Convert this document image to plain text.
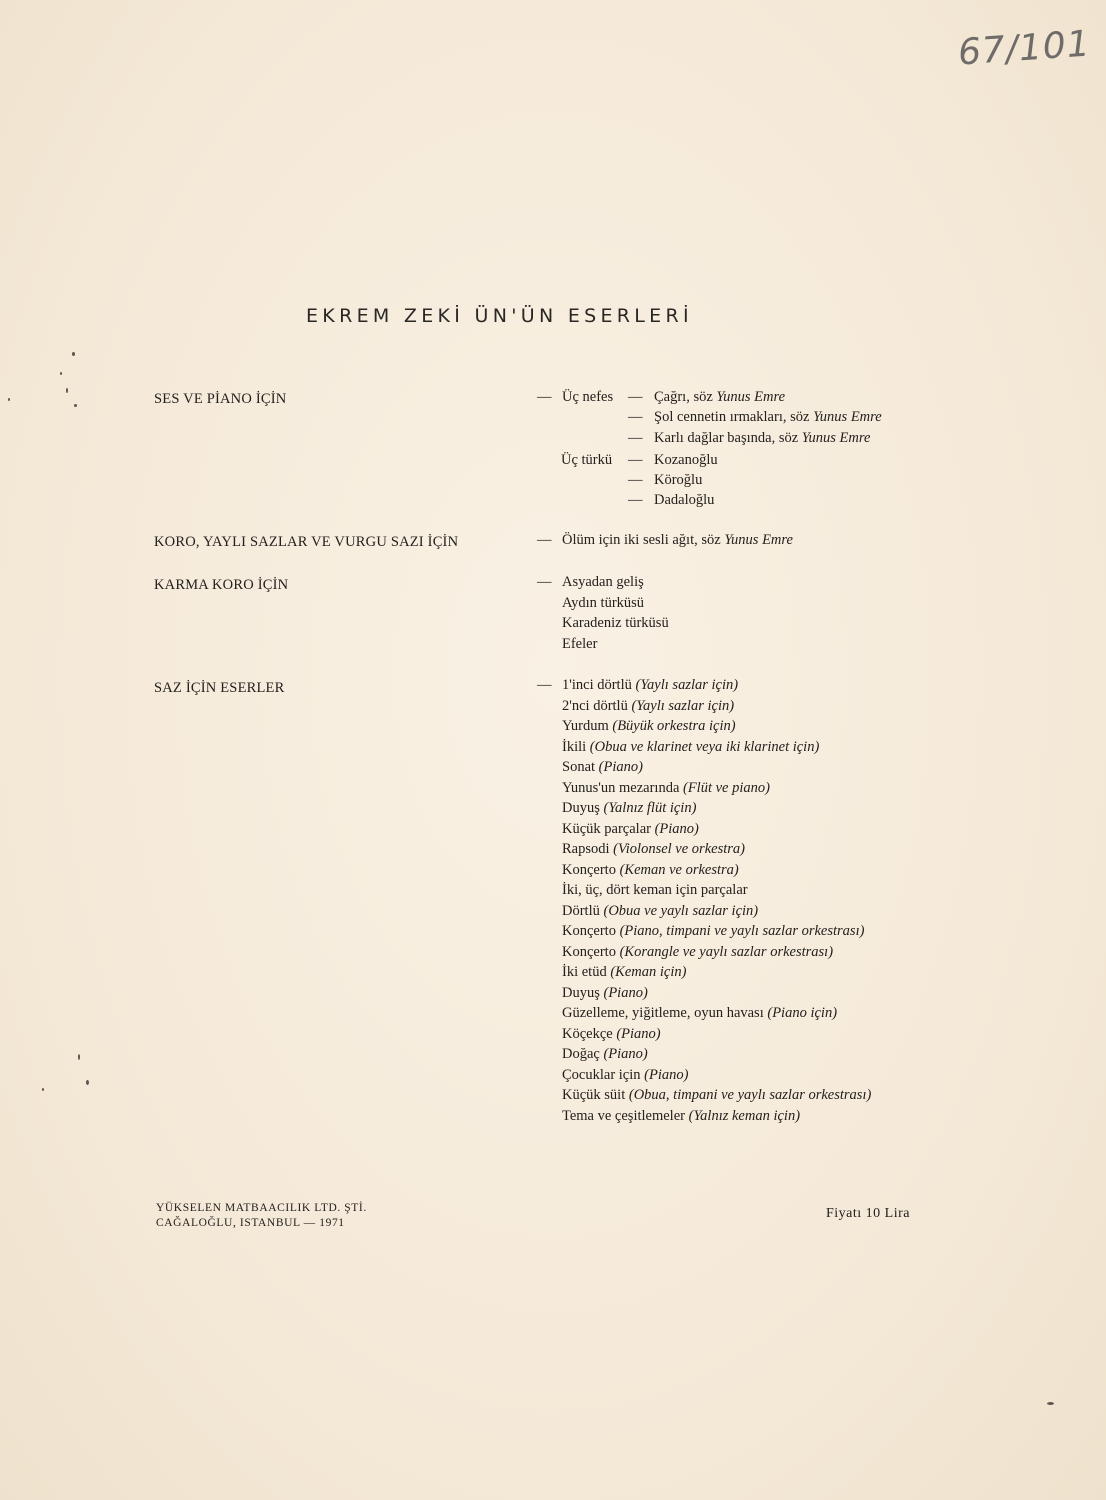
67/101
EKREM ZEKİ ÜN'ÜN ESERLERİ
SES VE PİANO İÇİN	— Üç nefes — Çağrı, söz Yunus Emre
— Şol cennetin ırmakları, söz Yunus Emre
— Karlı dağlar başında, söz Yunus Emre
Üç türkü — Kozanoğlu
— Köroğlu
— Dadaloğlu
KORO, YAYLI SAZLAR VE VURGU SAZI İÇİN	— Ölüm için iki sesli ağıt, söz Yunus Emre
KARMA KORO İÇİN	— Asyadan geliş
Aydın türküsü
Karadeniz türküsü
Efeler
SAZ İÇİN ESERLER	— 1'inci dörtlü (Yaylı sazlar için)
2'nci dörtlü (Yaylı sazlar için)
Yurdum (Büyük orkestra için)
İkili (Obua ve klarinet veya iki klarinet için)
Sonat (Piano)
Yunus'un mezarında (Flüt ve piano)
Duyuş (Yalnız flüt için)
Küçük parçalar (Piano)
Rapsodi (Violonsel ve orkestra)
Konçerto (Keman ve orkestra)
İki, üç, dört keman için parçalar
Dörtlü (Obua ve yaylı sazlar için)
Konçerto (Piano, timpani ve yaylı sazlar orkestrası)
Konçerto (Korangle ve yaylı sazlar orkestrası)
İki etüd (Keman için)
Duyuş (Piano)
Güzelleme, yiğitleme, oyun havası (Piano için)
Köçekçe (Piano)
Doğaç (Piano)
Çocuklar için (Piano)
Küçük süit (Obua, timpani ve yaylı sazlar orkestrası)
Tema ve çeşitlemeler (Yalnız keman için)
YÜKSELEN MATBAACILIK LTD. ŞTİ.
CAĞALOĞLU, ISTANBUL — 1971
Fiyatı 10 Lira
